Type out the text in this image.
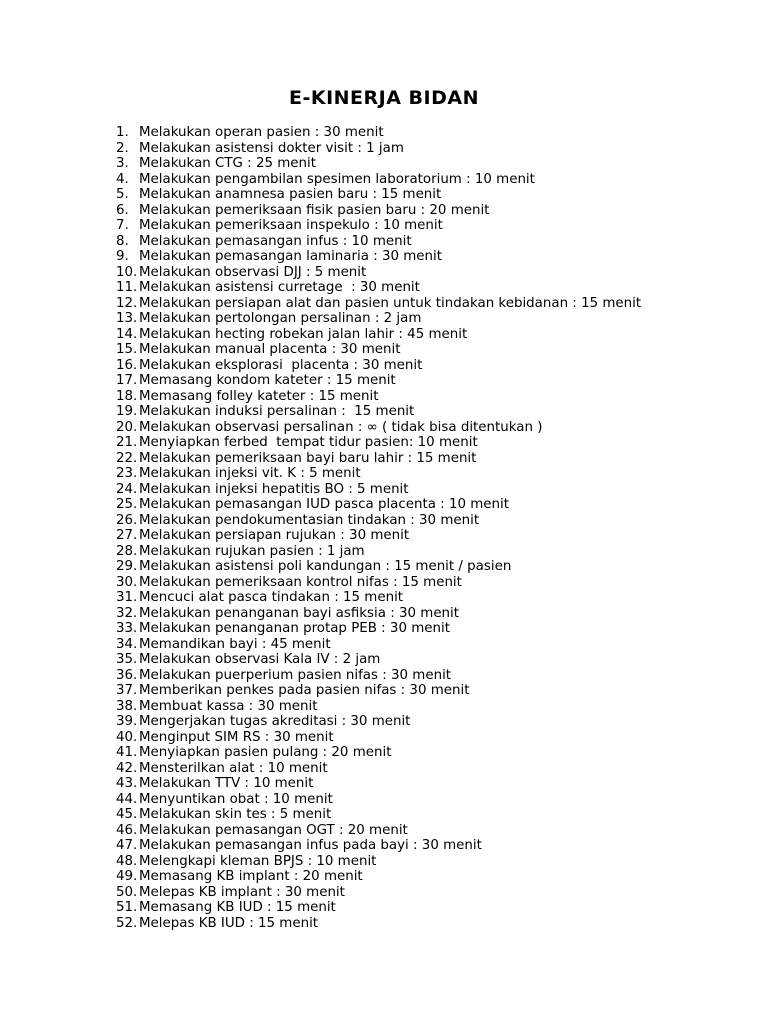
E-KINERJA BIDAN
1. Melakukan operan pasien : 30 menit
2. Melakukan asistensi dokter visit : 1 jam
3. Melakukan CTG : 25 menit
4. Melakukan pengambilan spesimen laboratorium : 10 menit
5. Melakukan anamnesa pasien baru : 15 menit
6. Melakukan pemeriksaan fisik pasien baru : 20 menit
7. Melakukan pemeriksaan inspekulo : 10 menit
8. Melakukan pemasangan infus : 10 menit
9. Melakukan pemasangan laminaria : 30 menit
10. Melakukan observasi DJJ : 5 menit
11. Melakukan asistensi curretage  : 30 menit
12. Melakukan persiapan alat dan pasien untuk tindakan kebidanan : 15 menit
13. Melakukan pertolongan persalinan : 2 jam
14. Melakukan hecting robekan jalan lahir : 45 menit
15. Melakukan manual placenta : 30 menit
16. Melakukan eksplorasi  placenta : 30 menit
17. Memasang kondom kateter : 15 menit
18. Memasang folley kateter : 15 menit
19. Melakukan induksi persalinan :  15 menit
20. Melakukan observasi persalinan : ∞ ( tidak bisa ditentukan )
21. Menyiapkan ferbed  tempat tidur pasien: 10 menit
22. Melakukan pemeriksaan bayi baru lahir : 15 menit
23. Melakukan injeksi vit. K : 5 menit
24. Melakukan injeksi hepatitis BO : 5 menit
25. Melakukan pemasangan IUD pasca placenta : 10 menit
26. Melakukan pendokumentasian tindakan : 30 menit
27. Melakukan persiapan rujukan : 30 menit
28. Melakukan rujukan pasien : 1 jam
29. Melakukan asistensi poli kandungan : 15 menit / pasien
30. Melakukan pemeriksaan kontrol nifas : 15 menit
31. Mencuci alat pasca tindakan : 15 menit
32. Melakukan penanganan bayi asfiksia : 30 menit
33. Melakukan penanganan protap PEB : 30 menit
34. Memandikan bayi : 45 menit
35. Melakukan observasi Kala IV : 2 jam
36. Melakukan puerperium pasien nifas : 30 menit
37. Memberikan penkes pada pasien nifas : 30 menit
38. Membuat kassa : 30 menit
39. Mengerjakan tugas akreditasi : 30 menit
40. Menginput SIM RS : 30 menit
41. Menyiapkan pasien pulang : 20 menit
42. Mensterilkan alat : 10 menit
43. Melakukan TTV : 10 menit
44. Menyuntikan obat : 10 menit
45. Melakukan skin tes : 5 menit
46. Melakukan pemasangan OGT : 20 menit
47. Melakukan pemasangan infus pada bayi : 30 menit
48. Melengkapi kleman BPJS : 10 menit
49. Memasang KB implant : 20 menit
50. Melepas KB implant : 30 menit
51. Memasang KB IUD : 15 menit
52. Melepas KB IUD : 15 menit
